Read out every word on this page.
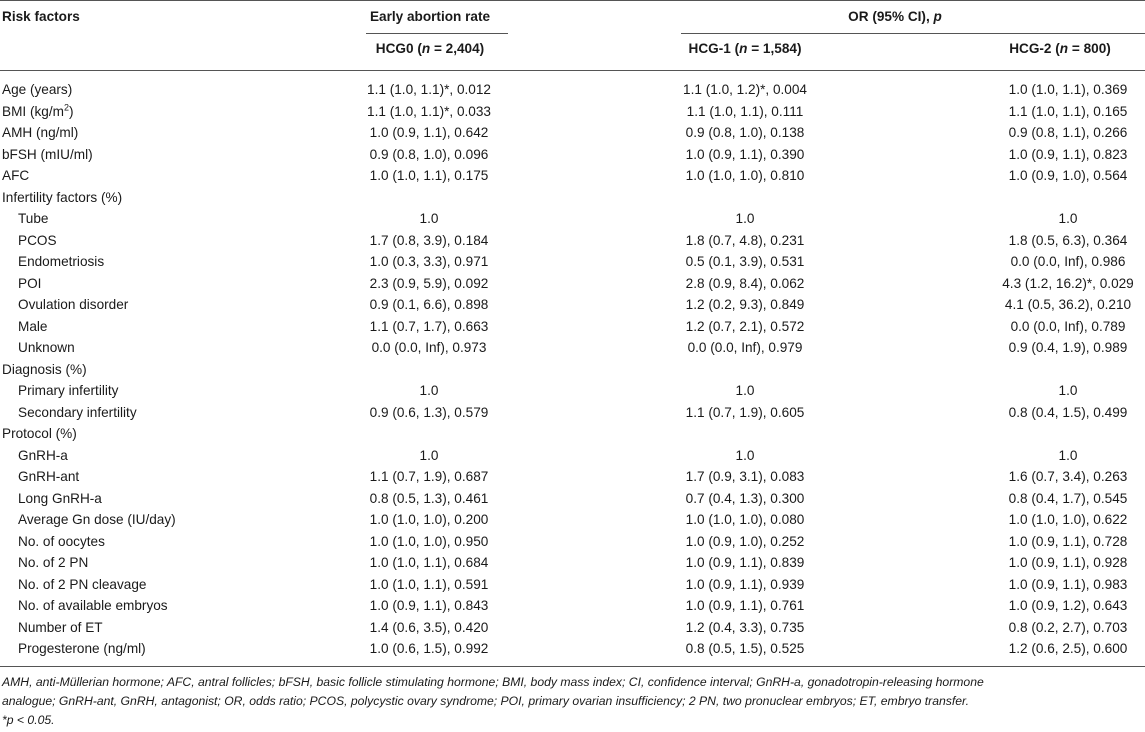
Risk factors	Early abortion rate	OR (95% CI), p
HCG0 (n = 2,404)	HCG-1 (n = 1,584)	HCG-2 (n = 800)
Age (years)	1.1 (1.0, 1.1)*, 0.012	1.1 (1.0, 1.2)*, 0.004	1.0 (1.0, 1.1), 0.369
BMI $(kg/m^2)$	1.1 (1.0, 1.1)*, 0.033	1.1 (1.0, 1.1), 0.111	1.1 (1.0, 1.1), 0.165
AMH (ng/ml)	1.0 (0.9, 1.1), 0.642	0.9 (0.8, 1.0), 0.138	0.9 (0.8, 1.1), 0.266
bFSH (mIU/ml)	0.9 (0.8, 1.0), 0.096	1.0 (0.9, 1.1), 0.390	1.0 (0.9, 1.1), 0.823
AFC	1.0 (1.0, 1.1), 0.175	1.0 (1.0, 1.0), 0.810	1.0 (0.9, 1.0), 0.564
Infertility factors (%)
Tube	1.0	1.0	1.0
PCOS	1.7 (0.8, 3.9), 0.184	1.8 (0.7, 4.8), 0.231	1.8 (0.5, 6.3), 0.364
Endometriosis	1.0 (0.3, 3.3), 0.971	0.5 (0.1, 3.9), 0.531	0.0 (0.0, Inf), 0.986
POI	2.3 (0.9, 5.9), 0.092	2.8 (0.9, 8.4), 0.062	4.3 (1.2, 16.2)*, 0.029
Ovulation disorder	0.9 (0.1, 6.6), 0.898	1.2 (0.2, 9.3), 0.849	4.1 (0.5, 36.2), 0.210
Male	1.1 (0.7, 1.7), 0.663	1.2 (0.7, 2.1), 0.572	0.0 (0.0, Inf), 0.789
Unknown	0.0 (0.0, Inf), 0.973	0.0 (0.0, Inf), 0.979	0.9 (0.4, 1.9), 0.989
Diagnosis (%)
Primary infertility	1.0	1.0	1.0
Secondary infertility	0.9 (0.6, 1.3), 0.579	1.1 (0.7, 1.9), 0.605	0.8 (0.4, 1.5), 0.499
Protocol (%)
GnRH-a	1.0	1.0	1.0
GnRH-ant	1.1 (0.7, 1.9), 0.687	1.7 (0.9, 3.1), 0.083	1.6 (0.7, 3.4), 0.263
Long GnRH-a	0.8 (0.5, 1.3), 0.461	0.7 (0.4, 1.3), 0.300	0.8 (0.4, 1.7), 0.545
Average Gn dose (IU/day)	1.0 (1.0, 1.0), 0.200	1.0 (1.0, 1.0), 0.080	1.0 (1.0, 1.0), 0.622
No. of oocytes	1.0 (1.0, 1.0), 0.950	1.0 (0.9, 1.0), 0.252	1.0 (0.9, 1.1), 0.728
No. of 2 PN	1.0 (1.0, 1.1), 0.684	1.0 (0.9, 1.1), 0.839	1.0 (0.9, 1.1), 0.928
No. of 2 PN cleavage	1.0 (1.0, 1.1), 0.591	1.0 (0.9, 1.1), 0.939	1.0 (0.9, 1.1), 0.983
No. of available embryos	1.0 (0.9, 1.1), 0.843	1.0 (0.9, 1.1), 0.761	1.0 (0.9, 1.2), 0.643
Number of ET	1.4 (0.6, 3.5), 0.420	1.2 (0.4, 3.3), 0.735	0.8 (0.2, 2.7), 0.703
Progesterone (ng/ml)	1.0 (0.6, 1.5), 0.992	0.8 (0.5, 1.5), 0.525	1.2 (0.6, 2.5), 0.600
AMH, anti-Müllerian hormone; AFC, antral follicles; bFSH, basic follicle stimulating hormone; BMI, body mass index; CI, confidence interval; GnRH-a, gonadotropin-releasing hormone
analogue; GnRH-ant, GnRH, antagonist; OR, odds ratio; PCOS, polycystic ovary syndrome; POI, primary ovarian insufficiency; 2 PN, two pronuclear embryos; ET, embryo transfer.
*p < 0.05.
